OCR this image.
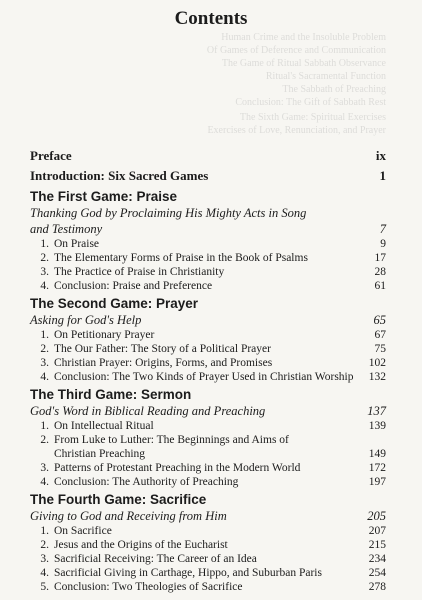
Contents
Human Crime and the Insoluble Problem
Of Games of Deference and Communication
The Game of Ritual Sabbath Observance
Ritual's Sacramental Function
The Sabbath of Preaching
Conclusion: The Gift of Sabbath Rest
The Sixth Game: Spiritual Exercises
Exercises of Love, Renunciation, and Prayer
Preface	ix
Introduction: Six Sacred Games	1
The First Game: Praise
Thanking God by Proclaiming His Mighty Acts in Song
and Testimony	7
1. On Praise	9
2. The Elementary Forms of Praise in the Book of Psalms	17
3. The Practice of Praise in Christianity	28
4. Conclusion: Praise and Preference	61
The Second Game: Prayer
Asking for God's Help	65
1. On Petitionary Prayer	67
2. The Our Father: The Story of a Political Prayer	75
3. Christian Prayer: Origins, Forms, and Promises	102
4. Conclusion: The Two Kinds of Prayer Used in Christian Worship 132
The Third Game: Sermon
God's Word in Biblical Reading and Preaching	137
1. On Intellectual Ritual	139
2. From Luke to Luther: The Beginnings and Aims of
Christian Preaching	149
3. Patterns of Protestant Preaching in the Modern World	172
4. Conclusion: The Authority of Preaching	197
The Fourth Game: Sacrifice
Giving to God and Receiving from Him	205
1. On Sacrifice	207
2. Jesus and the Origins of the Eucharist	215
3. Sacrificial Receiving: The Career of an Idea	234
4. Sacrificial Giving in Carthage, Hippo, and Suburban Paris	254
5. Conclusion: Two Theologies of Sacrifice	278
